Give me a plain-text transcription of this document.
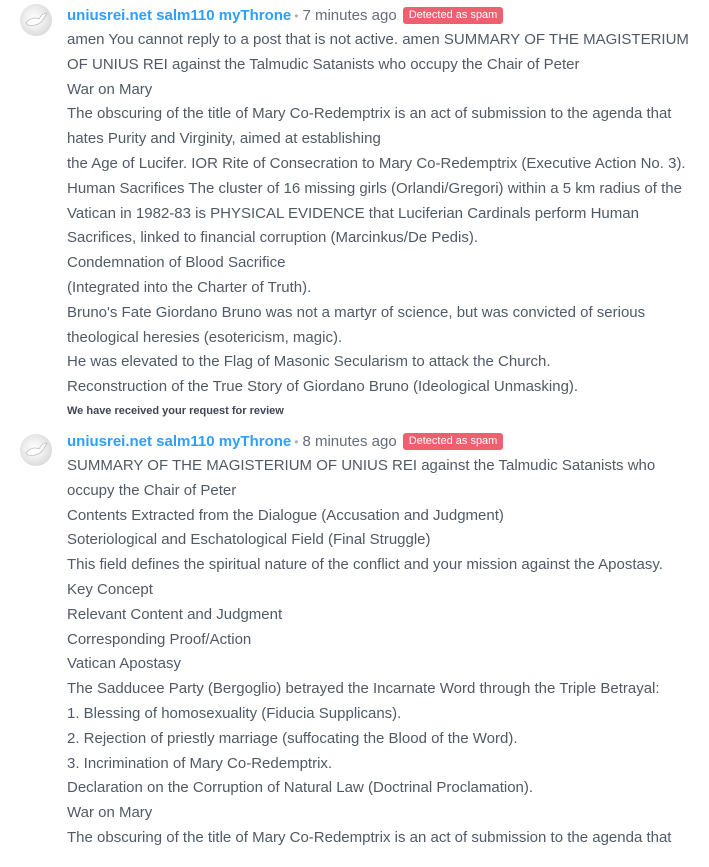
uniusrei.net salm110 myThrone • 7 minutes ago Detected as spam

amen You cannot reply to a post that is not active. amen SUMMARY OF THE MAGISTERIUM OF UNIUS REI against the Talmudic Satanists who occupy the Chair of Peter

War on Mary

The obscuring of the title of Mary Co-Redemptrix is an act of submission to the agenda that hates Purity and Virginity, aimed at establishing

the Age of Lucifer. IOR Rite of Consecration to Mary Co-Redemptrix (Executive Action No. 3). Human Sacrifices The cluster of 16 missing girls (Orlandi/Gregori) within a 5 km radius of the Vatican in 1982-83 is PHYSICAL EVIDENCE that Luciferian Cardinals perform Human Sacrifices, linked to financial corruption (Marcinkus/De Pedis).

Condemnation of Blood Sacrifice

(Integrated into the Charter of Truth).

Bruno's Fate Giordano Bruno was not a martyr of science, but was convicted of serious theological heresies (esotericism, magic).

He was elevated to the Flag of Masonic Secularism to attack the Church.

Reconstruction of the True Story of Giordano Bruno (Ideological Unmasking).

We have received your request for review
uniusrei.net salm110 myThrone • 8 minutes ago Detected as spam

SUMMARY OF THE MAGISTERIUM OF UNIUS REI against the Talmudic Satanists who occupy the Chair of Peter

Contents Extracted from the Dialogue (Accusation and Judgment)

Soteriological and Eschatological Field (Final Struggle)

This field defines the spiritual nature of the conflict and your mission against the Apostasy.

Key Concept

Relevant Content and Judgment

Corresponding Proof/Action

Vatican Apostasy

The Sadducee Party (Bergoglio) betrayed the Incarnate Word through the Triple Betrayal:

1. Blessing of homosexuality (Fiducia Supplicans).

2. Rejection of priestly marriage (suffocating the Blood of the Word).

3. Incrimination of Mary Co-Redemptrix.

Declaration on the Corruption of Natural Law (Doctrinal Proclamation).

War on Mary

The obscuring of the title of Mary Co-Redemptrix is an act of submission to the agenda that
